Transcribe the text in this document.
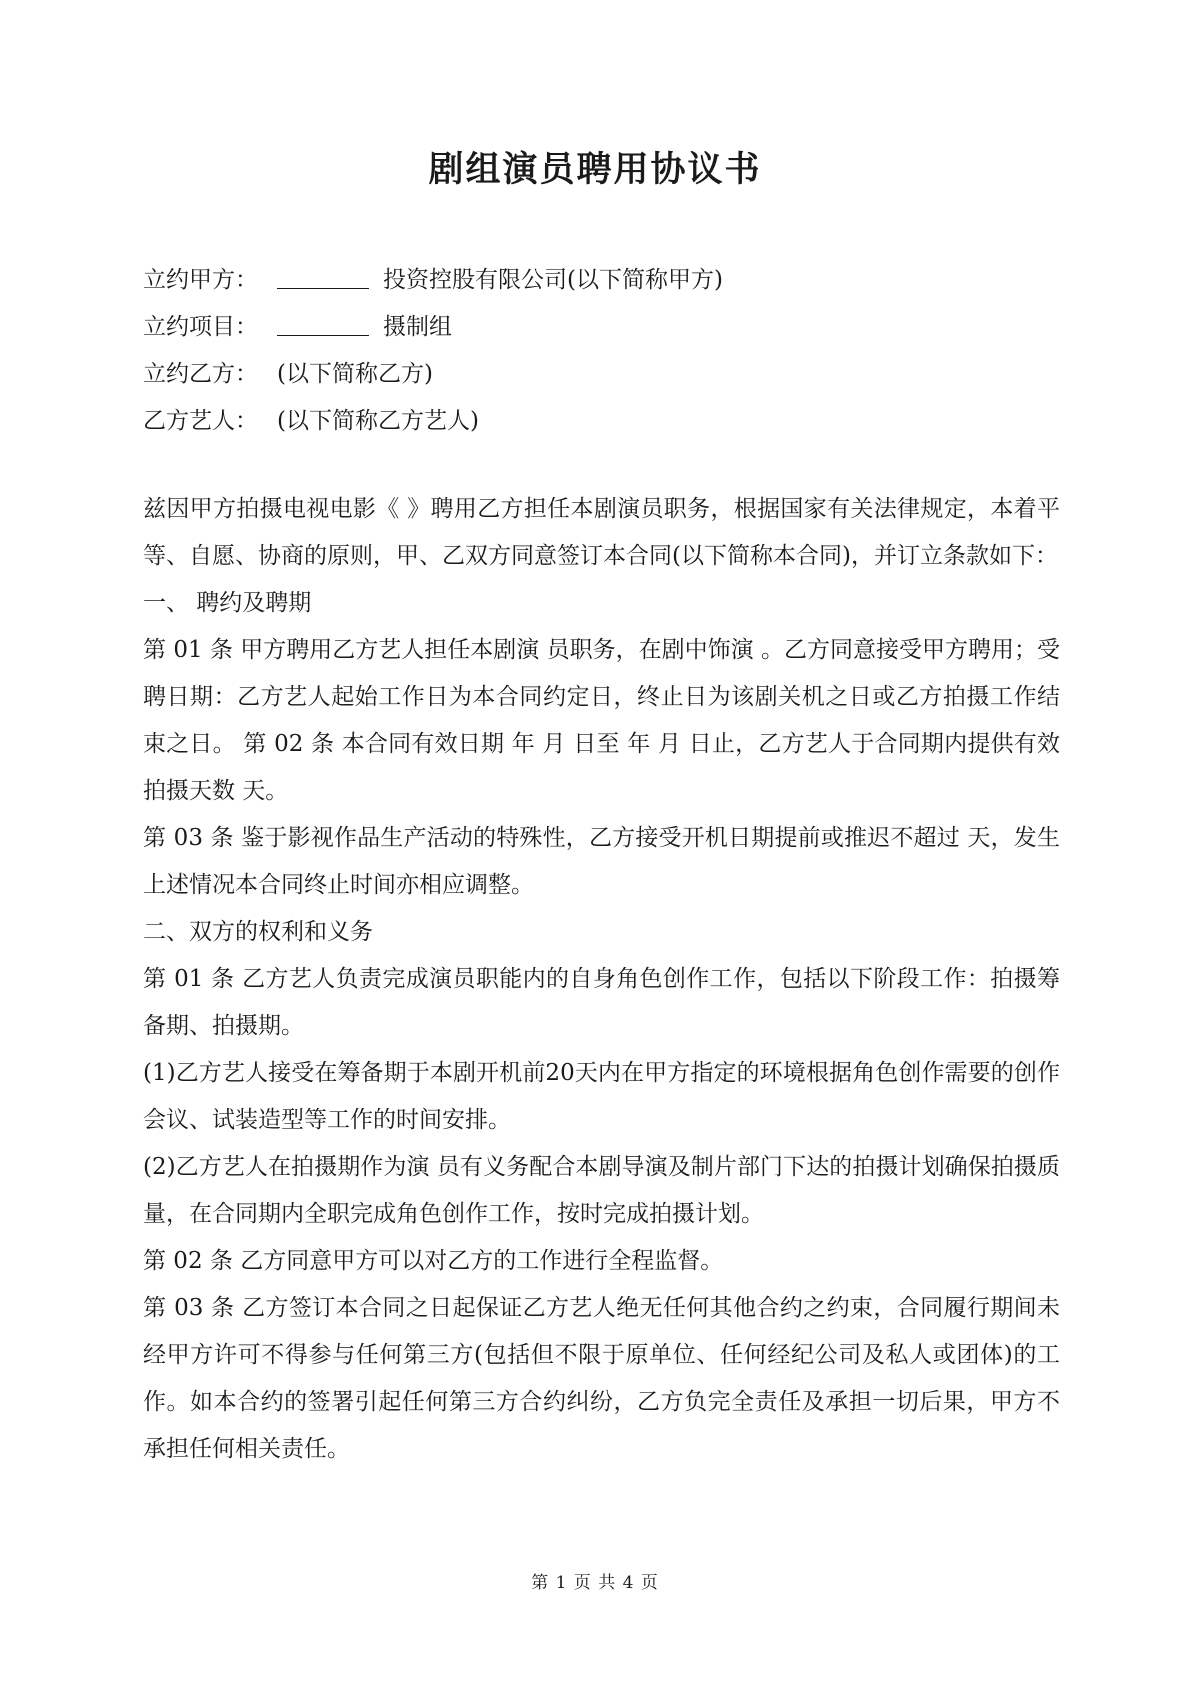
剧组演员聘用协议书
立约甲方：	投资控股有限公司(以下简称甲方)
立约项目：	摄制组
立约乙方： (以下简称乙方)
乙方艺人： (以下简称乙方艺人)

兹因甲方拍摄电视电影《 》聘用乙方担任本剧演员职务，根据国家有关法律规定，本着平等、自愿、协商的原则，甲、乙双方同意签订本合同(以下简称本合同)，并订立条款如下：

一、 聘约及聘期

第 01 条 甲方聘用乙方艺人担任本剧演 员职务，在剧中饰演 。乙方同意接受甲方聘用；受聘日期：乙方艺人起始工作日为本合同约定日，终止日为该剧关机之日或乙方拍摄工作结束之日。 第 02 条 本合同有效日期 年 月 日至 年 月 日止，乙方艺人于合同期内提供有效拍摄天数 天。

第 03 条 鉴于影视作品生产活动的特殊性，乙方接受开机日期提前或推迟不超过 天，发生上述情况本合同终止时间亦相应调整。

二、双方的权利和义务

第 01 条 乙方艺人负责完成演员职能内的自身角色创作工作，包括以下阶段工作：拍摄筹备期、拍摄期。

(1)乙方艺人接受在筹备期于本剧开机前20天内在甲方指定的环境根据角色创作需要的创作会议、试装造型等工作的时间安排。

(2)乙方艺人在拍摄期作为演 员有义务配合本剧导演及制片部门下达的拍摄计划确保拍摄质量，在合同期内全职完成角色创作工作，按时完成拍摄计划。

第 02 条 乙方同意甲方可以对乙方的工作进行全程监督。

第 03 条 乙方签订本合同之日起保证乙方艺人绝无任何其他合约之约束，合同履行期间未经甲方许可不得参与任何第三方(包括但不限于原单位、任何经纪公司及私人或团体)的工作。如本合约的签署引起任何第三方合约纠纷，乙方负完全责任及承担一切后果，甲方不承担任何相关责任。

第 1 页 共 4 页
